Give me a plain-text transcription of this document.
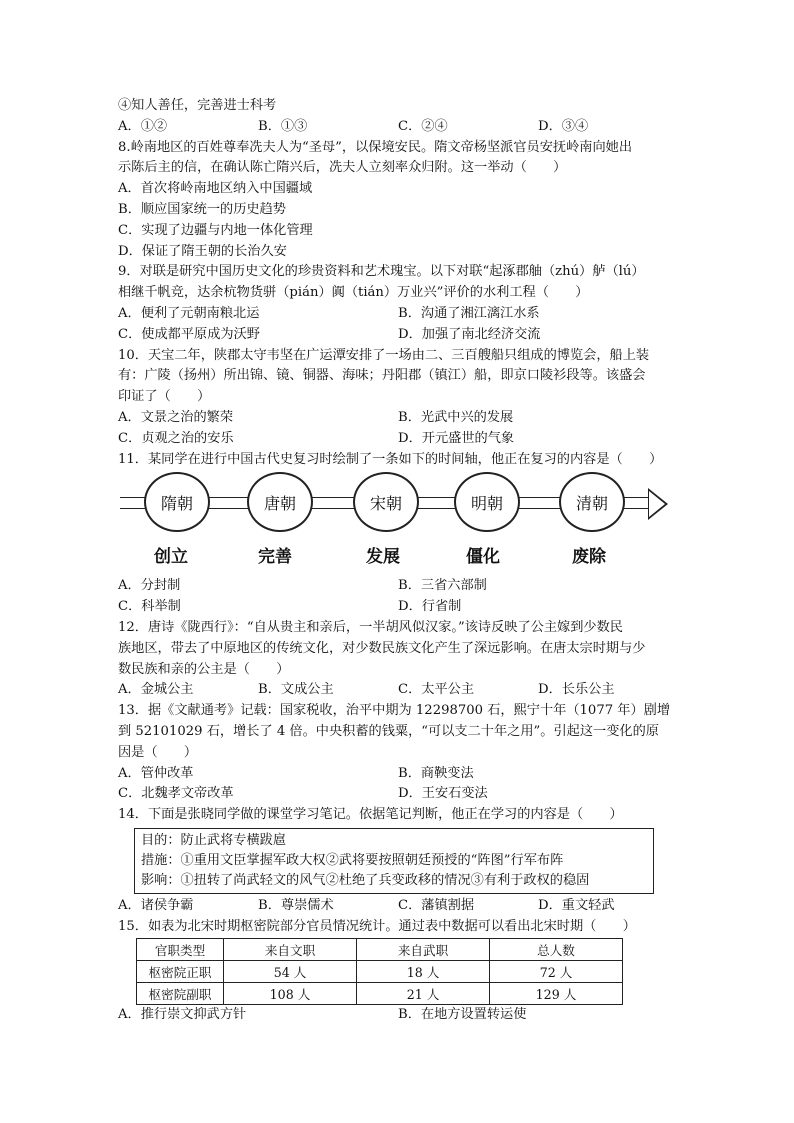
④知人善任，完善进士科考
A．①②	B．①③	C．②④	D．③④
8.岭南地区的百姓尊奉冼夫人为“圣母”，以保境安民。隋文帝杨坚派官员安抚岭南向她出
示陈后主的信，在确认陈亡隋兴后，冼夫人立刻率众归附。这一举动（　　）
A．首次将岭南地区纳入中国疆域
B．顺应国家统一的历史趋势
C．实现了边疆与内地一体化管理
D．保证了隋王朝的长治久安
9．对联是研究中国历史文化的珍贵资料和艺术瑰宝。以下对联“起涿郡舳（zhú）舻（lú）
相继千帆竞，达余杭物货骈（pián）阗（tián）万业兴”评价的水利工程（　　）
A．便利了元朝南粮北运	B．沟通了湘江漓江水系
C．使成都平原成为沃野	D．加强了南北经济交流
10．天宝二年，陕郡太守韦坚在广运潭安排了一场由二、三百艘船只组成的博览会，船上装
有：广陵（扬州）所出锦、镜、铜器、海味；丹阳郡（镇江）船，即京口陵衫段等。该盛会
印证了（　　）
A．文景之治的繁荣	B．光武中兴的发展
C．贞观之治的安乐	D．开元盛世的气象
11．某同学在进行中国古代史复习时绘制了一条如下的时间轴，他正在复习的内容是（　　）
隋朝	唐朝	宋朝	明朝	清朝
创立	完善	发展	僵化	废除
A．分封制	B．三省六部制
C．科举制	D．行省制
12．唐诗《陇西行》：“自从贵主和亲后，一半胡风似汉家。”该诗反映了公主嫁到少数民
族地区，带去了中原地区的传统文化，对少数民族文化产生了深远影响。在唐太宗时期与少
数民族和亲的公主是（　　）
A．金城公主	B．文成公主	C．太平公主	D．长乐公主
13．据《文献通考》记载：国家税收，治平中期为 12298700 石，熙宁十年（1077 年）剧增
到 52101029 石，增长了 4 倍。中央积蓄的钱粟，“可以支二十年之用”。引起这一变化的原
因是（　　）
A．管仲改革	B．商鞅变法
C．北魏孝文帝改革	D．王安石变法
14．下面是张晓同学做的课堂学习笔记。依据笔记判断，他正在学习的内容是（　　）
目的：防止武将专横跋扈
措施：①重用文臣掌握军政大权②武将要按照朝廷预授的“阵图”行军布阵
影响：①扭转了尚武轻文的风气②杜绝了兵变政移的情况③有利于政权的稳固
A．诸侯争霸	B．尊崇儒术	C．藩镇割据	D．重文轻武
15．如表为北宋时期枢密院部分官员情况统计。通过表中数据可以看出北宋时期（　　）
官职类型	来自文职	来自武职	总人数
枢密院正职	54 人	18 人	72 人
枢密院副职	108 人	21 人	129 人
A．推行崇文抑武方针	B．在地方设置转运使
